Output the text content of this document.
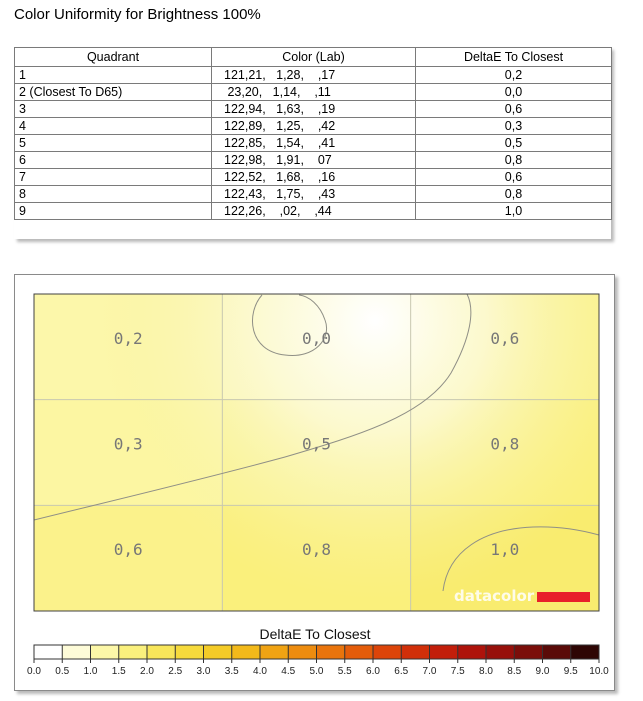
Color Uniformity for Brightness 100%
Quadrant	Color (Lab)	DeltaE To Closest
1	121,21,   1,28,    ,17	0,2
2 (Closest To D65)	23,20,   1,14,    ,11	0,0
3	122,94,   1,63,    ,19	0,6
4	122,89,   1,25,    ,42	0,3
5	122,85,   1,54,    ,41	0,5
6	122,98,   1,91,    07	0,8
7	122,52,   1,68,    ,16	0,6
8	122,43,   1,75,    ,43	0,8
9	122,26,    ,02,    ,44	1,0
0,2	0,0	0,6
0,3	0,5	0,8
0,6	0,8	1,0
datacolor
DeltaE To Closest
0.0 0.5 1.0 1.5 2.0 2.5 3.0 3.5 4.0 4.5 5.0 5.5 6.0 6.5 7.0 7.5 8.0 8.5 9.0 9.5 10.0
